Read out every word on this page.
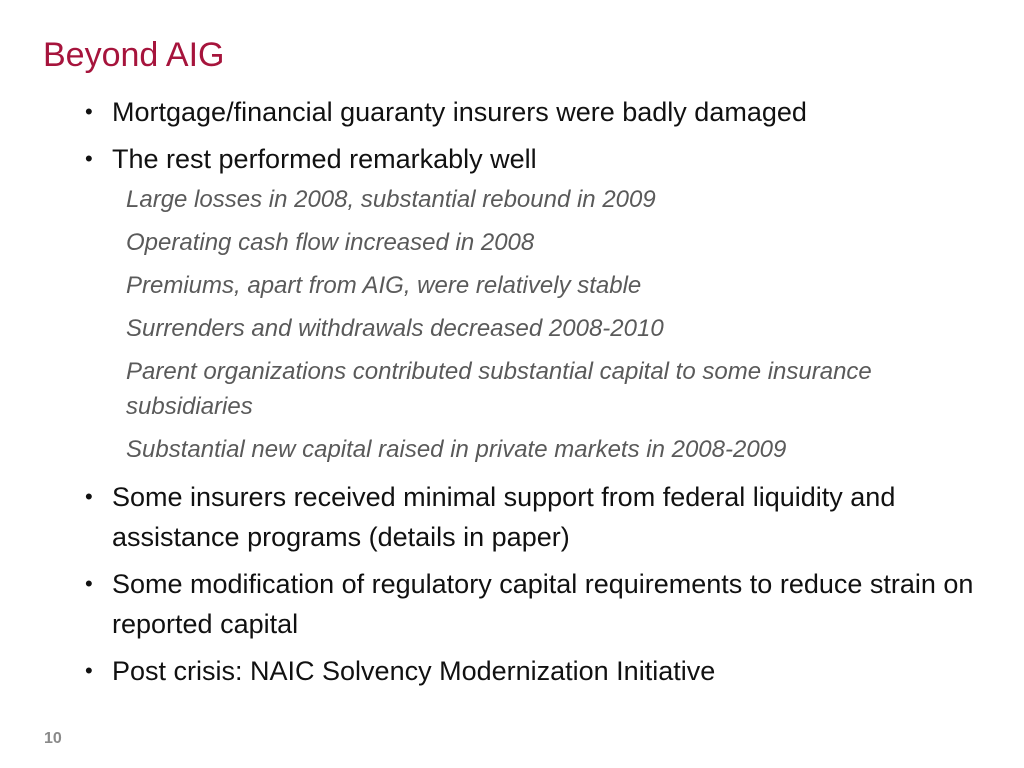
Beyond AIG
• Mortgage/financial guaranty insurers were badly damaged
• The rest performed remarkably well
Large losses in 2008, substantial rebound in 2009
Operating cash flow increased in 2008
Premiums, apart from AIG, were relatively stable
Surrenders and withdrawals decreased 2008-2010
Parent organizations contributed substantial capital to some insurance subsidiaries
Substantial new capital raised in private markets in 2008-2009
• Some insurers received minimal support from federal liquidity and assistance programs (details in paper)
• Some modification of regulatory capital requirements to reduce strain on reported capital
• Post crisis: NAIC Solvency Modernization Initiative
10
